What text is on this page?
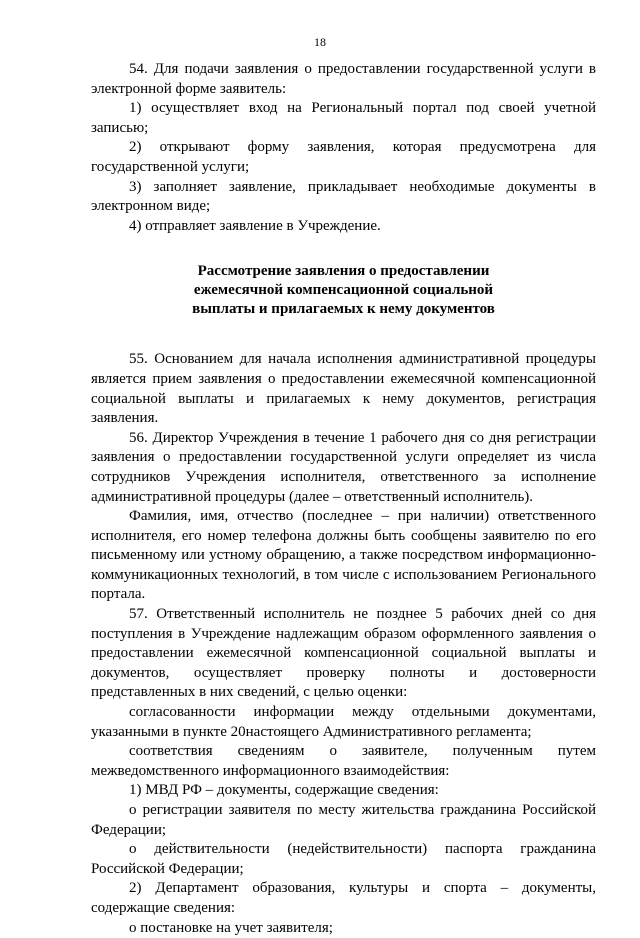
18

54. Для подачи заявления о предоставлении государственной услуги в электронной форме заявитель:

1) осуществляет вход на Региональный портал под своей учетной записью;

2) открывают форму заявления, которая предусмотрена для государственной услуги;

3) заполняет заявление, прикладывает необходимые документы в электронном виде;

4) отправляет заявление в Учреждение.

Рассмотрение заявления о предоставлении
ежемесячной компенсационной социальной
выплаты и прилагаемых к нему документов

55. Основанием для начала исполнения административной процедуры является прием заявления о предоставлении ежемесячной компенсационной социальной выплаты и прилагаемых к нему документов, регистрация заявления.

56. Директор Учреждения в течение 1 рабочего дня со дня регистрации заявления о предоставлении государственной услуги определяет из числа сотрудников Учреждения исполнителя, ответственного за исполнение административной процедуры (далее – ответственный исполнитель).

Фамилия, имя, отчество (последнее – при наличии) ответственного исполнителя, его номер телефона должны быть сообщены заявителю по его письменному или устному обращению, а также посредством информационно-коммуникационных технологий, в том числе с использованием Регионального портала.

57. Ответственный исполнитель не позднее 5 рабочих дней со дня поступления в Учреждение надлежащим образом оформленного заявления о предоставлении ежемесячной компенсационной социальной выплаты и документов, осуществляет проверку полноты и достоверности представленных в них сведений, с целью оценки:

согласованности информации между отдельными документами, указанными в пункте 20настоящего Административного регламента;

соответствия сведениям о заявителе, полученным путем межведомственного информационного взаимодействия:

1) МВД РФ – документы, содержащие сведения:

о регистрации заявителя по месту жительства гражданина Российской Федерации;

о действительности (недействительности) паспорта гражданина Российской Федерации;

2) Департамент образования, культуры и спорта – документы, содержащие сведения:

о постановке на учет заявителя;
